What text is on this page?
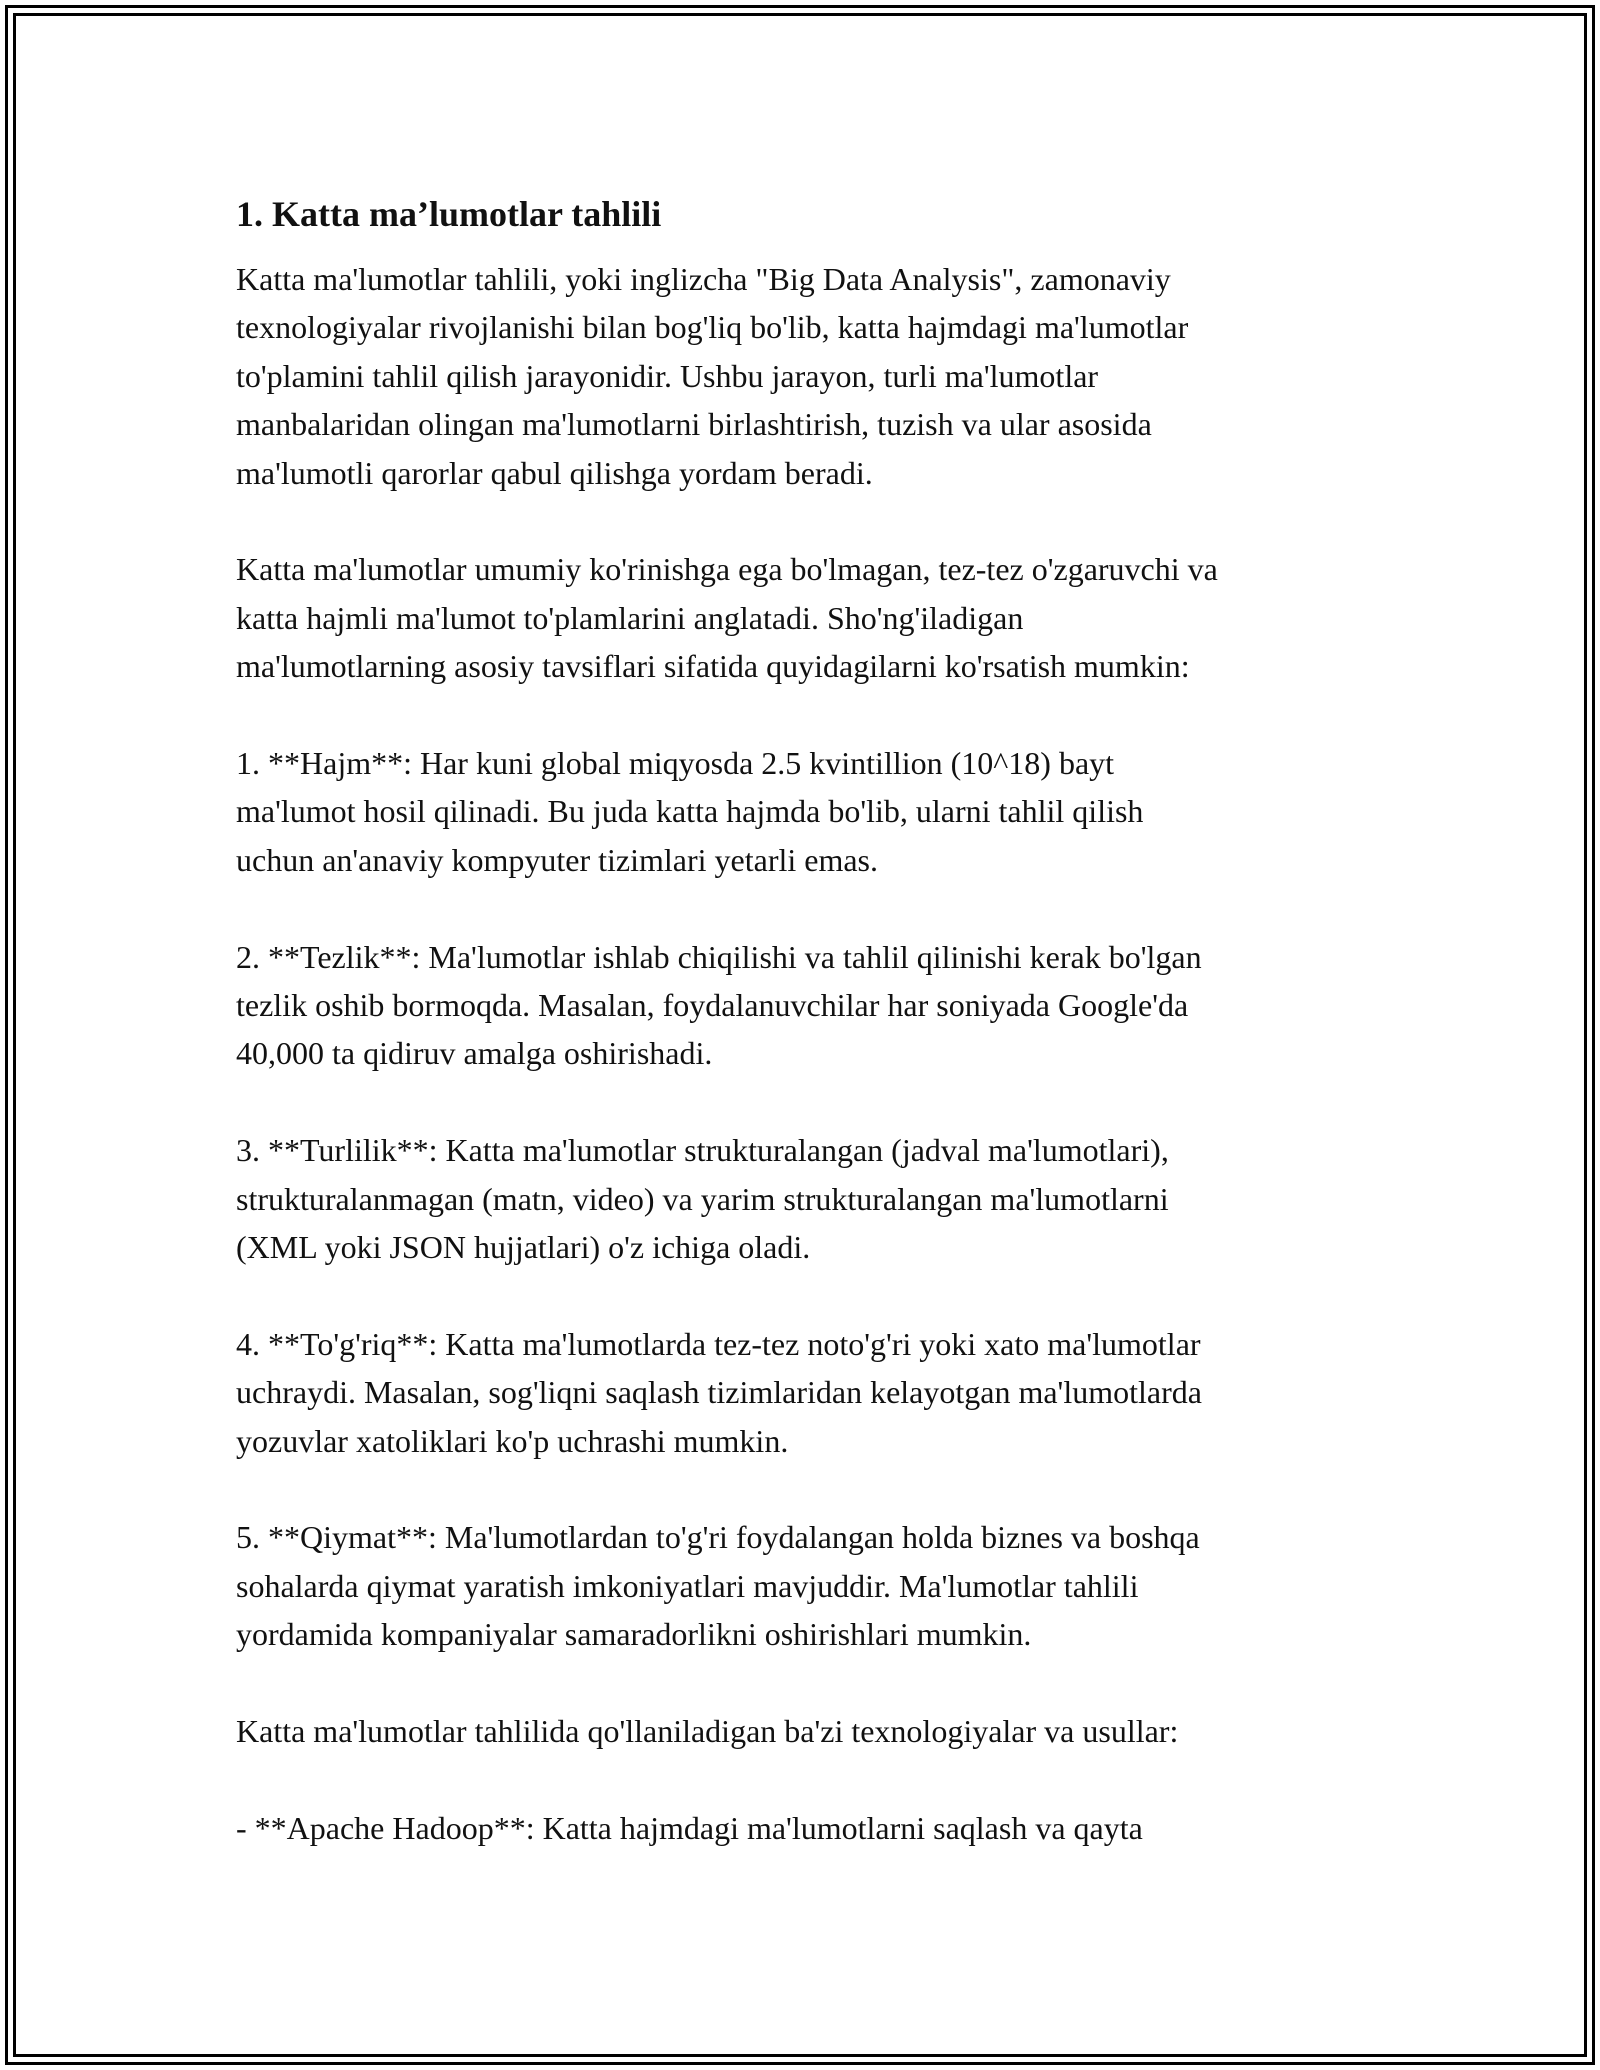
1. Katta ma’lumotlar tahlili

Katta ma'lumotlar tahlili, yoki inglizcha "Big Data Analysis", zamonaviy
texnologiyalar rivojlanishi bilan bog'liq bo'lib, katta hajmdagi ma'lumotlar
to'plamini tahlil qilish jarayonidir. Ushbu jarayon, turli ma'lumotlar
manbalaridan olingan ma'lumotlarni birlashtirish, tuzish va ular asosida
ma'lumotli qarorlar qabul qilishga yordam beradi.

Katta ma'lumotlar umumiy ko'rinishga ega bo'lmagan, tez-tez o'zgaruvchi va
katta hajmli ma'lumot to'plamlarini anglatadi. Sho'ng'iladigan
ma'lumotlarning asosiy tavsiflari sifatida quyidagilarni ko'rsatish mumkin:

1. **Hajm**: Har kuni global miqyosda 2.5 kvintillion (10^18) bayt
ma'lumot hosil qilinadi. Bu juda katta hajmda bo'lib, ularni tahlil qilish
uchun an'anaviy kompyuter tizimlari yetarli emas.

2. **Tezlik**: Ma'lumotlar ishlab chiqilishi va tahlil qilinishi kerak bo'lgan
tezlik oshib bormoqda. Masalan, foydalanuvchilar har soniyada Google'da
40,000 ta qidiruv amalga oshirishadi.

3. **Turlilik**: Katta ma'lumotlar strukturalangan (jadval ma'lumotlari),
strukturalanmagan (matn, video) va yarim strukturalangan ma'lumotlarni
(XML yoki JSON hujjatlari) o'z ichiga oladi.

4. **To'g'riq**: Katta ma'lumotlarda tez-tez noto'g'ri yoki xato ma'lumotlar
uchraydi. Masalan, sog'liqni saqlash tizimlaridan kelayotgan ma'lumotlarda
yozuvlar xatoliklari ko'p uchrashi mumkin.

5. **Qiymat**: Ma'lumotlardan to'g'ri foydalangan holda biznes va boshqa
sohalarda qiymat yaratish imkoniyatlari mavjuddir. Ma'lumotlar tahlili
yordamida kompaniyalar samaradorlikni oshirishlari mumkin.

Katta ma'lumotlar tahlilida qo'llaniladigan ba'zi texnologiyalar va usullar:

- **Apache Hadoop**: Katta hajmdagi ma'lumotlarni saqlash va qayta
